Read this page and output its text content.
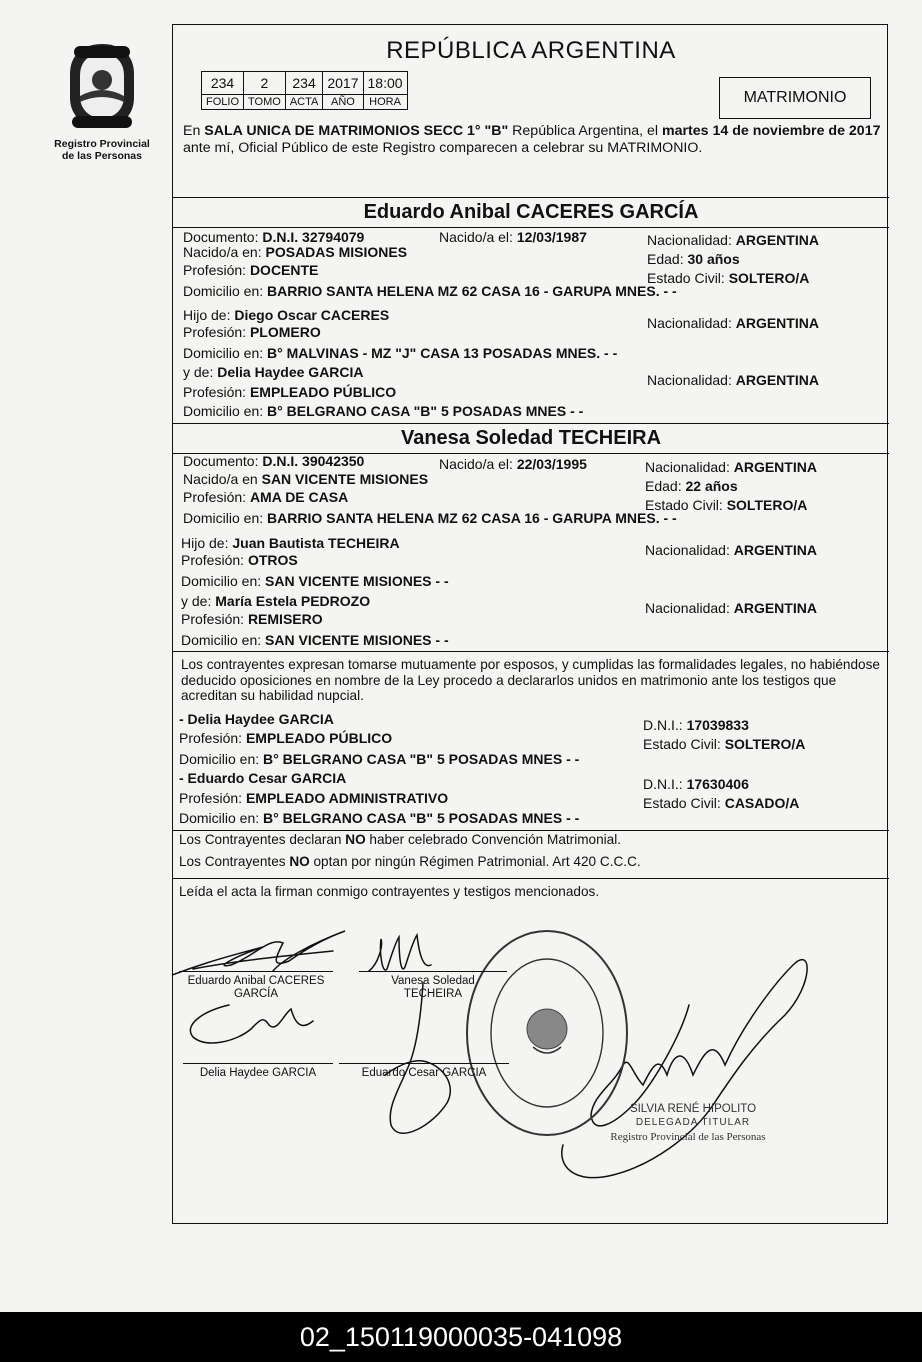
Registro Provincial
de las Personas
REPÚBLICA ARGENTINA
234	2	234	2017	18:00
FOLIO	TOMO	ACTA	AÑO	HORA	MATRIMONIO
En SALA UNICA DE MATRIMONIOS SECC 1° "B" República Argentina, el martes 14 de noviembre de 2017 ante mí, Oficial Público de este Registro comparecen a celebrar su MATRIMONIO.
Eduardo Anibal CACERES GARCÍA
Documento: D.N.I. 32794079	Nacido/a el: 12/03/1987	Nacionalidad: ARGENTINA
Nacido/a en: POSADAS MISIONES	Edad: 30 años
Profesión: DOCENTE	Estado Civil: SOLTERO/A
Domicilio en: BARRIO SANTA HELENA MZ 62 CASA 16 - GARUPA MNES. - -
Hijo de: Diego Oscar CACERES	Nacionalidad: ARGENTINA
Profesión: PLOMERO
Domicilio en: B° MALVINAS - MZ "J" CASA 13 POSADAS MNES. - -
y de: Delia Haydee GARCIA	Nacionalidad: ARGENTINA
Profesión: EMPLEADO PÚBLICO
Domicilio en: B° BELGRANO CASA "B" 5 POSADAS MNES - -
Vanesa Soledad TECHEIRA
Documento: D.N.I. 39042350	Nacido/a el: 22/03/1995	Nacionalidad: ARGENTINA
Nacido/a en SAN VICENTE MISIONES	Edad: 22 años
Profesión: AMA DE CASA	Estado Civil: SOLTERO/A
Domicilio en: BARRIO SANTA HELENA MZ 62 CASA 16 - GARUPA MNES. - -
Hijo de: Juan Bautista TECHEIRA	Nacionalidad: ARGENTINA
Profesión: OTROS
Domicilio en: SAN VICENTE MISIONES - -
y de: María Estela PEDROZO	Nacionalidad: ARGENTINA
Profesión: REMISERO
Domicilio en: SAN VICENTE MISIONES - -
Los contrayentes expresan tomarse mutuamente por esposos, y cumplidas las formalidades legales, no habiéndose deducido oposiciones en nombre de la Ley procedo a declararlos unidos en matrimonio ante los testigos que acreditan su habilidad nupcial.
- Delia Haydee GARCIA	D.N.I.: 17039833
Profesión: EMPLEADO PÚBLICO	Estado Civil: SOLTERO/A
Domicilio en: B° BELGRANO CASA "B" 5 POSADAS MNES - -
- Eduardo Cesar GARCIA	D.N.I.: 17630406
Profesión: EMPLEADO ADMINISTRATIVO	Estado Civil: CASADO/A
Domicilio en: B° BELGRANO CASA "B" 5 POSADAS MNES - -
Los Contrayentes declaran NO haber celebrado Convención Matrimonial.
Los Contrayentes NO optan por ningún Régimen Patrimonial. Art 420 C.C.C.
Leída el acta la firman conmigo contrayentes y testigos mencionados.
Eduardo Anibal CACERES
GARCÍA
Vanesa Soledad
TECHEIRA
Delia Haydee GARCIA	Eduardo Cesar GARCIA
SILVIA RENÉ HIPOLITO
DELEGADA TITULAR
Registro Provincial de las Personas
02_150119000035-041098
